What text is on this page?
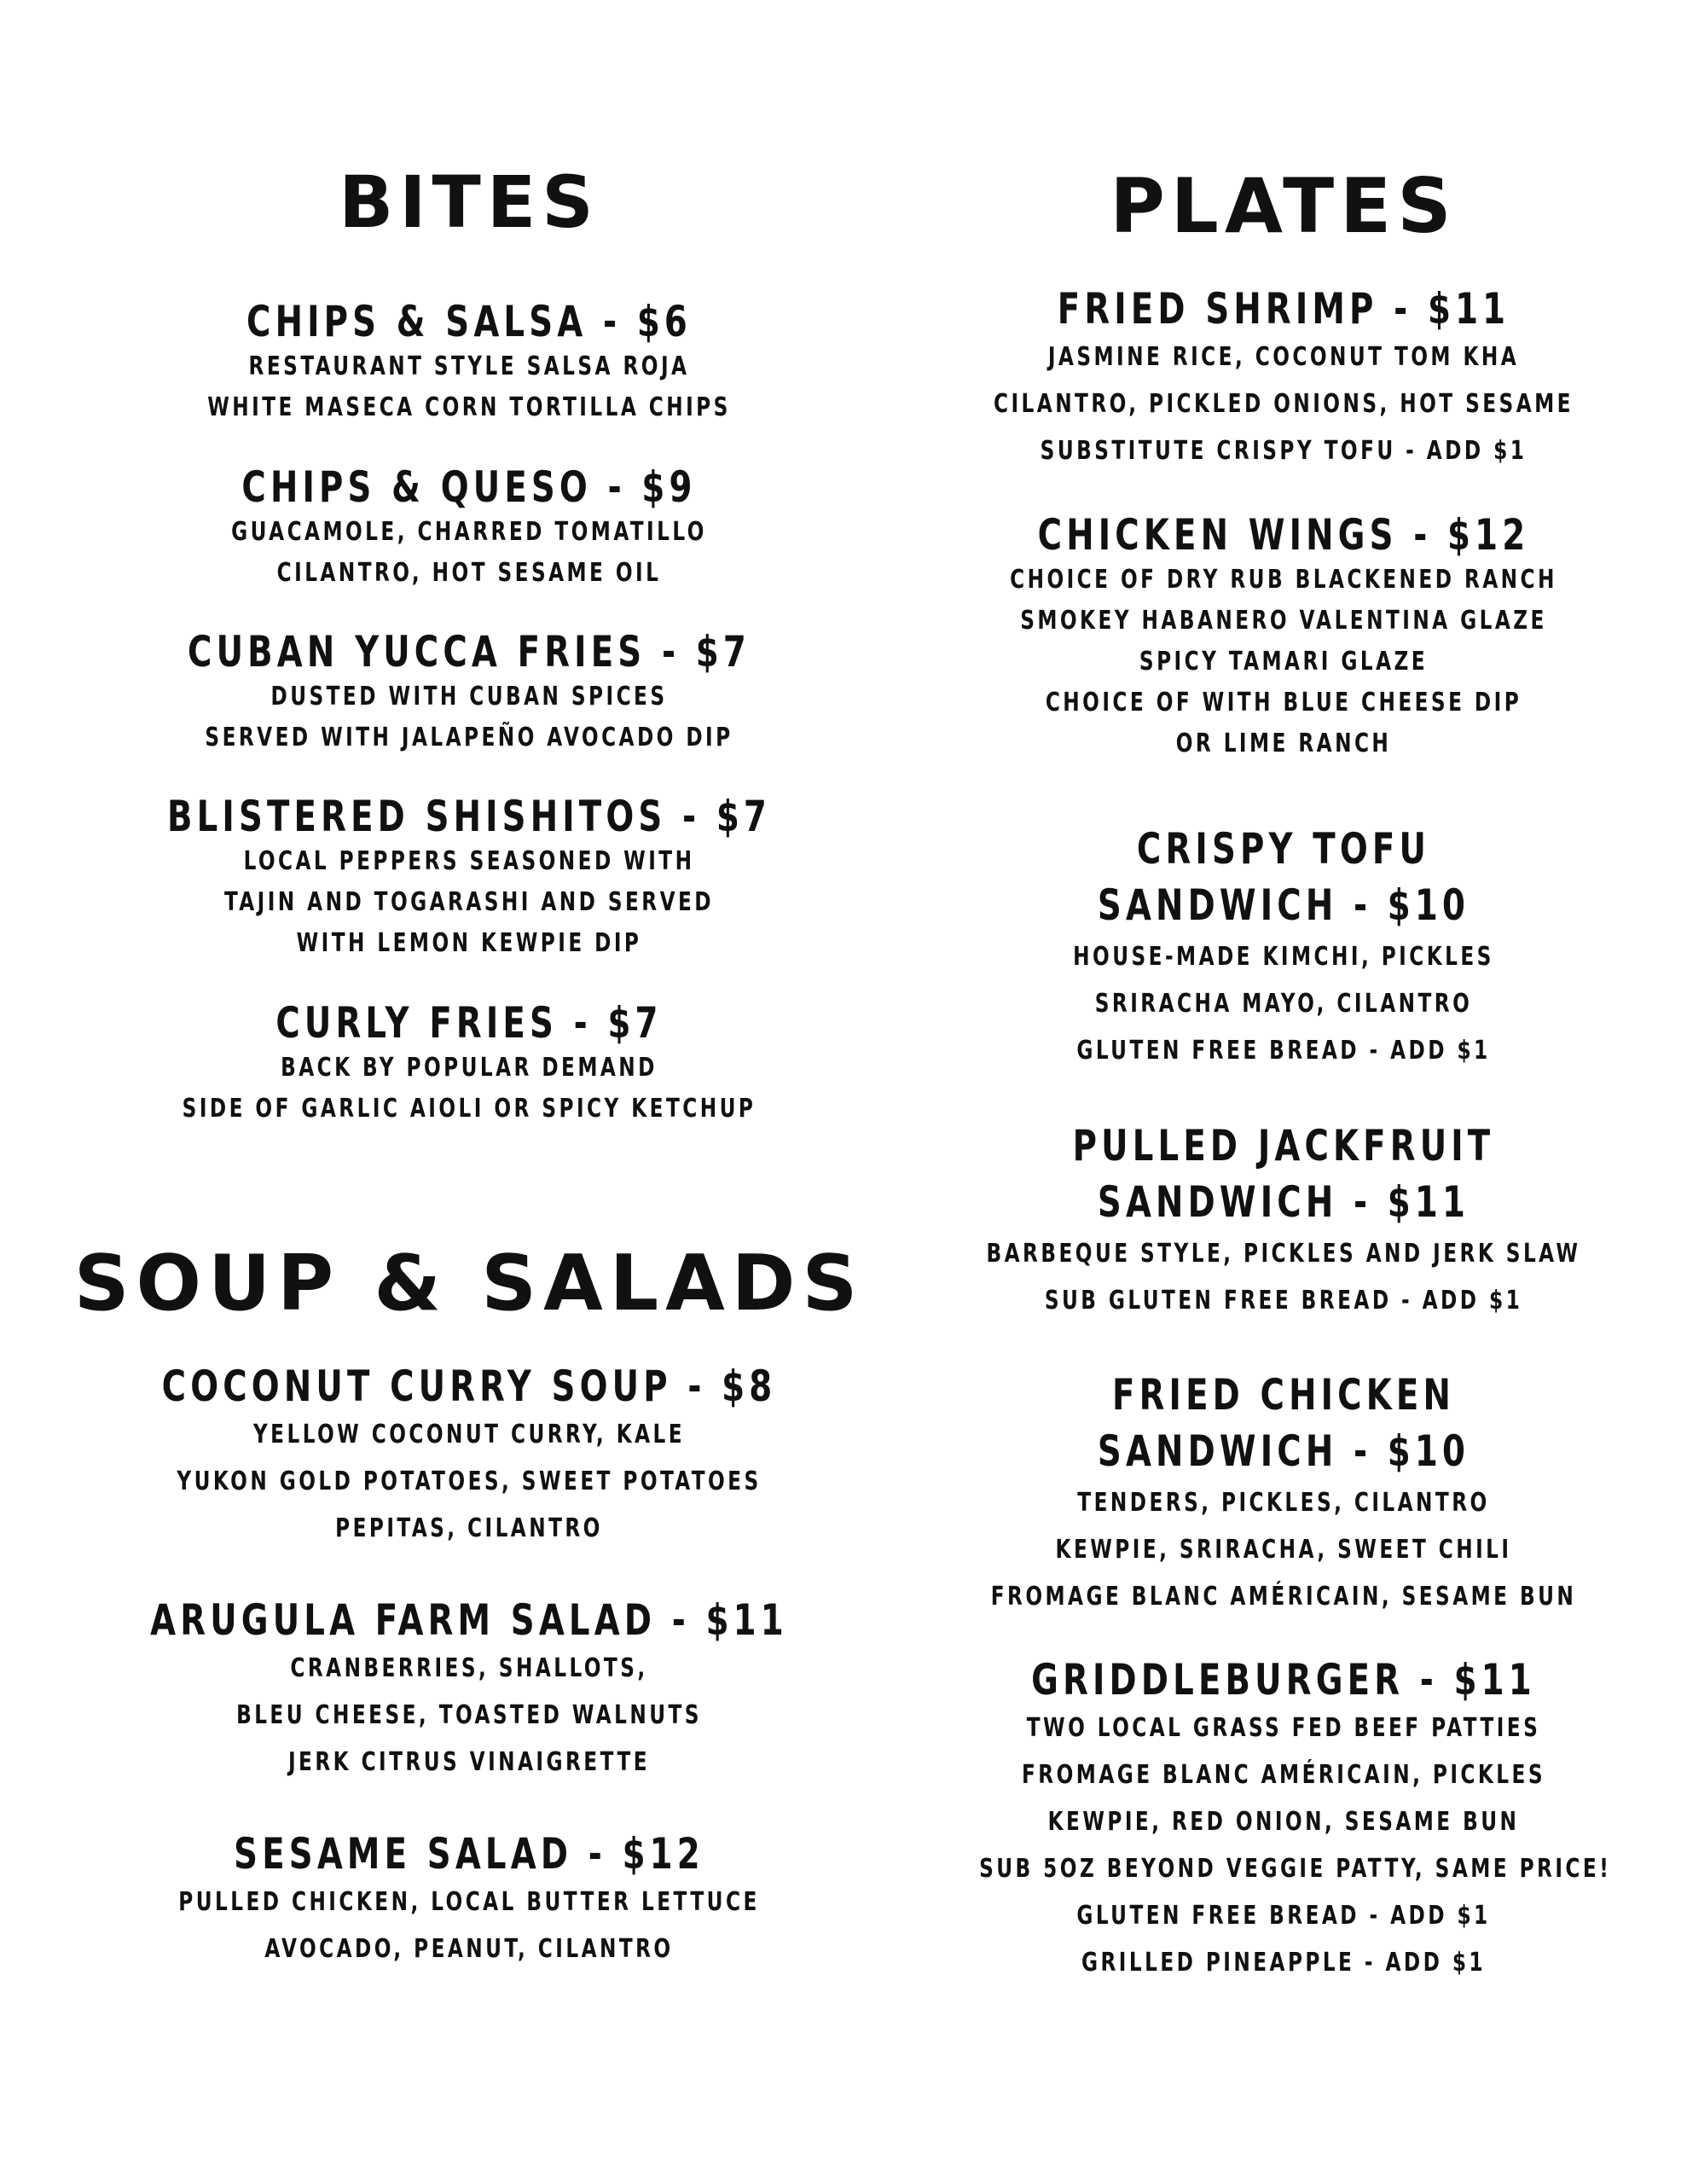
BITES
CHIPS & SALSA - $6
RESTAURANT STYLE SALSA ROJA
WHITE MASECA CORN TORTILLA CHIPS
CHIPS & QUESO - $9
GUACAMOLE, CHARRED TOMATILLO
CILANTRO, HOT SESAME OIL
CUBAN YUCCA FRIES - $7
DUSTED WITH CUBAN SPICES
SERVED WITH JALAPEÑO AVOCADO DIP
BLISTERED SHISHITOS - $7
LOCAL PEPPERS SEASONED WITH
TAJIN AND TOGARASHI AND SERVED
WITH LEMON KEWPIE DIP
CURLY FRIES - $7
BACK BY POPULAR DEMAND
SIDE OF GARLIC AIOLI OR SPICY KETCHUP
SOUP & SALADS
COCONUT CURRY SOUP - $8
YELLOW COCONUT CURRY, KALE
YUKON GOLD POTATOES, SWEET POTATOES
PEPITAS, CILANTRO
ARUGULA FARM SALAD - $11
CRANBERRIES, SHALLOTS,
BLEU CHEESE, TOASTED WALNUTS
JERK CITRUS VINAIGRETTE
SESAME SALAD - $12
PULLED CHICKEN, LOCAL BUTTER LETTUCE
AVOCADO, PEANUT, CILANTRO
PLATES
FRIED SHRIMP - $11
JASMINE RICE, COCONUT TOM KHA
CILANTRO, PICKLED ONIONS, HOT SESAME
SUBSTITUTE CRISPY TOFU - ADD $1
CHICKEN WINGS - $12
CHOICE OF DRY RUB BLACKENED RANCH
SMOKEY HABANERO VALENTINA GLAZE
SPICY TAMARI GLAZE
CHOICE OF WITH BLUE CHEESE DIP
OR LIME RANCH
CRISPY TOFU
SANDWICH - $10
HOUSE-MADE KIMCHI, PICKLES
SRIRACHA MAYO, CILANTRO
GLUTEN FREE BREAD - ADD $1
PULLED JACKFRUIT
SANDWICH - $11
BARBEQUE STYLE, PICKLES AND JERK SLAW
SUB GLUTEN FREE BREAD - ADD $1
FRIED CHICKEN
SANDWICH - $10
TENDERS, PICKLES, CILANTRO
KEWPIE, SRIRACHA, SWEET CHILI
FROMAGE BLANC AMÉRICAIN, SESAME BUN
GRIDDLEBURGER - $11
TWO LOCAL GRASS FED BEEF PATTIES
FROMAGE BLANC AMÉRICAIN, PICKLES
KEWPIE, RED ONION, SESAME BUN
SUB 5OZ BEYOND VEGGIE PATTY, SAME PRICE!
GLUTEN FREE BREAD - ADD $1
GRILLED PINEAPPLE - ADD $1
